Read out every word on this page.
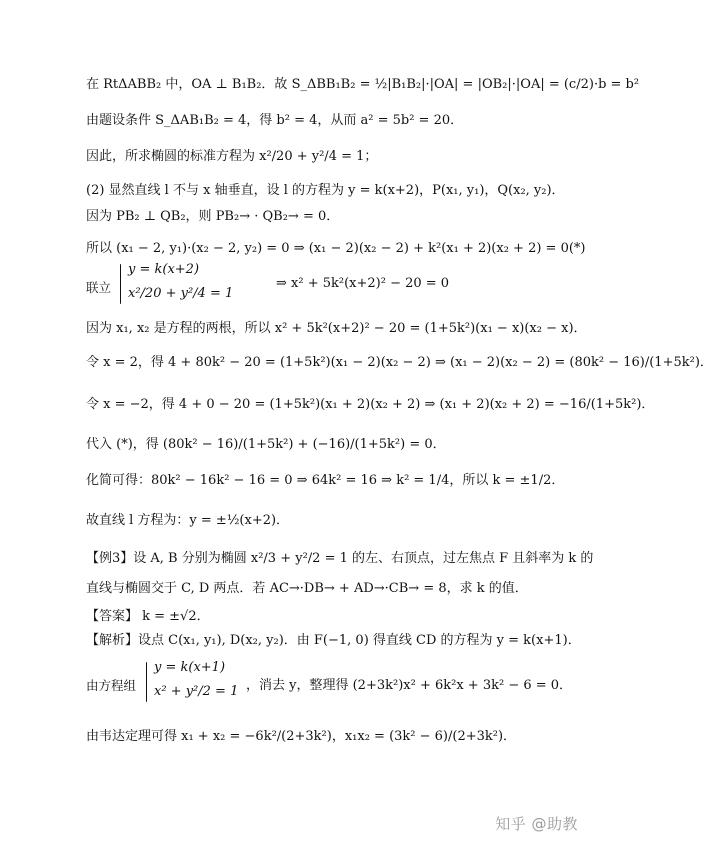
在 RtΔABB₂ 中，OA ⊥ B₁B₂．故 S_ΔBB₁B₂ = ½|B₁B₂|·|OA| = |OB₂|·|OA| = (c/2)·b = b²
由题设条件 S_ΔAB₁B₂ = 4，得 b² = 4，从而 a² = 5b² = 20．
因此，所求椭圆的标准方程为 x²/20 + y²/4 = 1；
(2) 显然直线 l 不与 x 轴垂直，设 l 的方程为 y = k(x+2)，P(x₁, y₁)，Q(x₂, y₂)．
因为 PB₂ ⊥ QB₂，则 PB₂→ · QB₂→ = 0．
所以 (x₁ − 2, y₁)·(x₂ − 2, y₂) = 0 ⇒ (x₁ − 2)(x₂ − 2) + k²(x₁ + 2)(x₂ + 2) = 0(*)
联立
y = k(x+2)
x²/20 + y²/4 = 1
⇒ x² + 5k²(x+2)² − 20 = 0
因为 x₁, x₂ 是方程的两根，所以 x² + 5k²(x+2)² − 20 = (1+5k²)(x₁ − x)(x₂ − x)．
令 x = 2，得 4 + 80k² − 20 = (1+5k²)(x₁ − 2)(x₂ − 2) ⇒ (x₁ − 2)(x₂ − 2) = (80k² − 16)/(1+5k²)．
令 x = −2，得 4 + 0 − 20 = (1+5k²)(x₁ + 2)(x₂ + 2) ⇒ (x₁ + 2)(x₂ + 2) = −16/(1+5k²)．
代入 (*)，得 (80k² − 16)/(1+5k²) + (−16)/(1+5k²) = 0．
化简可得：80k² − 16k² − 16 = 0 ⇒ 64k² = 16 ⇒ k² = 1/4，所以 k = ±1/2．
故直线 l 方程为：y = ±½(x+2)．
【例3】设 A, B 分别为椭圆 x²/3 + y²/2 = 1 的左、右顶点，过左焦点 F 且斜率为 k 的
直线与椭圆交于 C, D 两点．若 AC→·DB→ + AD→·CB→ = 8，求 k 的值．
【答案】 k = ±√2．
【解析】设点 C(x₁, y₁), D(x₂, y₂)．由 F(−1, 0) 得直线 CD 的方程为 y = k(x+1)．
由方程组
y = k(x+1)
x² + y²/2 = 1 ，消去 y，整理得 (2+3k²)x² + 6k²x + 3k² − 6 = 0．
由韦达定理可得 x₁ + x₂ = −6k²/(2+3k²)，x₁x₂ = (3k² − 6)/(2+3k²)．
知乎 @助教
